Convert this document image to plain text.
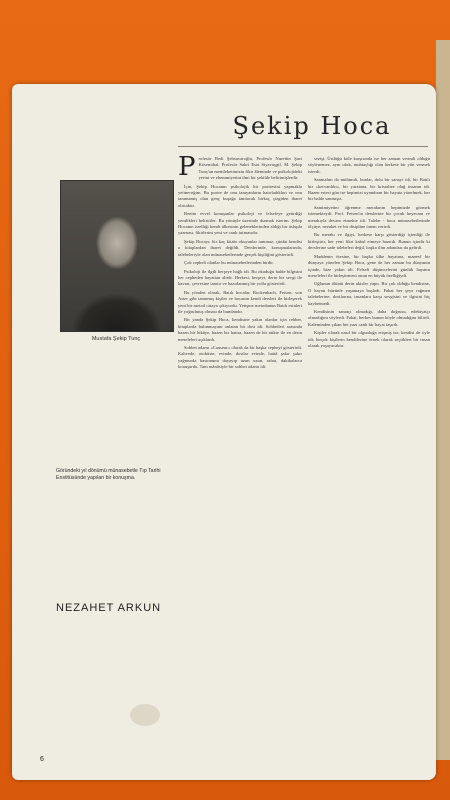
Şekip Hoca
Mustafa Şekip Tunç
Göründeki yıl dönümü münasebetle Tıp Tarihi Enstitüsünde yapılan bir konuşma.
NEZAHET ARKUN
6
P rofesör Bedi Şehsuvaroğlu, Profesör Nurettin Şazi Kösemihal, Profesör Sabri Esat Siyavuşgil, M. Şekip Tunç'un memleketimizin fikir âleminde ve psikolojideki yerini ve ehemmiyetini ilmi bir şekilde belirtmişlerdir.

İçin, Şekip Hocanın psikolojik bir portresini yapmakla yetineceğim. Bu portre de onu tanıyanların hatırladıkları ve onu tanımamış olan genç kuşağa tanıtacak birkaç çizgiden ibaret olacaktır.

Benim evvel konuşanlar psikoloji ve felsefeye getirdiği yenilikleri belirttiler. Bu yönüyle üzerinde durmak isterim. Şekip Hocanın özelliği kendi ülkesinin geleneklerinden aldığı bir üslupla yazması, fikirlerini yeni ve canlı tutmasıdır.

Şekip Hocayı, bir kaç kitabı okuyanlar tanımaz; çünkü kendisi o kitaplardan ibaret değildi. Derslerinde, konuşmalarında, talebeleriyle olan münasebetlerinde gerçek kişiliğini gösterirdi.

Çok cepheli olanlar bu münasebetlerinden birdir.

Psikoloji ile ilgili herşeye bağlı idi. Bu okuduğu halde bilgisini her cepheden hayattan alırdı. Herkesi, herşeyi, derin bir sevgi ile kavrar, çevresine tanıtır ve hazırlanmış bir yolla gösterirdi.

Bu yönden olarak, Batılı hocalar, Rockenbach, Fetsen, von Aster gibi tanınmış kişiler ve hocanın kendi dersleri ile birleşerek yeni bir metod ortaya çıkıyordu. Yetişme metodunun Batılı esinleri ile yoğrulmuş olması da bundandır.

Bir yanda Şekip Hoca, kendisine yakın olanlar için rehber, kitaplarda bulunmayanı anlatan bir dost idi. Sohbetleri arasında bazen bir hikâye, bazen bir hatıra, bazen de bir nükte ile en derin meseleleri açıklardı.

Sohbet adamı «Causeur» olarak da bir başka cepheyi gösterirdi. Kahvede, otobüste, evinde, dostlar evinde, hattâ şakır şakır yağmurda bastonunu dayayıp uzun uzun, rahat, dakikalarca konuşurdu. Tam mânâsiyle bir sohbet adamı idi.

sezişi; Üstlüğü kitle karşısında ise her zaman verimli olduğu söylenemez, aynı ufuk, muhtaçlığı olan herkese bir yön vermek isterdi.

Sanmalım da mühimdi, bunlar, dolu bir sanayi idi, bir Batılı bir «kervanlıkt», bir yaratana, bir kristalize olağ insanın idi. Bazen ertesi gün ise hepimizi uyandıran bir hayata yönelmek, her bir halde sanmışız.

Samimiyetini öğrenme merakının hepimizde görmek istemekteydi. Prof. Fetsen'in derslerine bir çocuk heyecanı ve merakıyla devam etmekte idi. Talebe - hoca münasebetlerinde ölçüye, nezaket ve bir disipline önem verirdi.

Bu merakı ve ilgiyi, herkese karşı gösterdiği içtenliği ile birleştirir, her yeni fikri kabul etmeye hazırdı. Bunun içindir ki derslerine sade talebeleri değil, başka ilim adamları da gelirdi.

Maddenin ötesine, bir başka ülke hayatına, manevî bir dünyaya yönelen Şekip Hoca, gene de her zaman bu dünyanın içinde, bize yakın idi. Felsefi düşüncelerini günlük hayatın meseleleri ile birleştirmesi onun en büyük özelliğiydi.

Oğlunun ölümü derin akisler yaptı. Bir çok olduğu kendisine, O hayatı hüzünle yaşamaya başladı. Fakat her şeye rağmen talebelerine, dostlarına, insanlara karşı sevgisini ve ilgisini hiç kaybetmedi.

Kendisinin sanatçı olmadığı, daha doğrusu, edebiyatçı olmadığını söylerdi. Fakat, herkes bunun böyle olmadığını bilirdi. Kaleminden çıkan her yazı canlı bir hayat taşırdı.

Kişiler olarak nasıl bir olgunluğa erişmiş ise, kendisi de öyle idi; birçok kişilerin kendilerine örnek olarak seçtikleri bir insan olarak yaşayacaktır.
